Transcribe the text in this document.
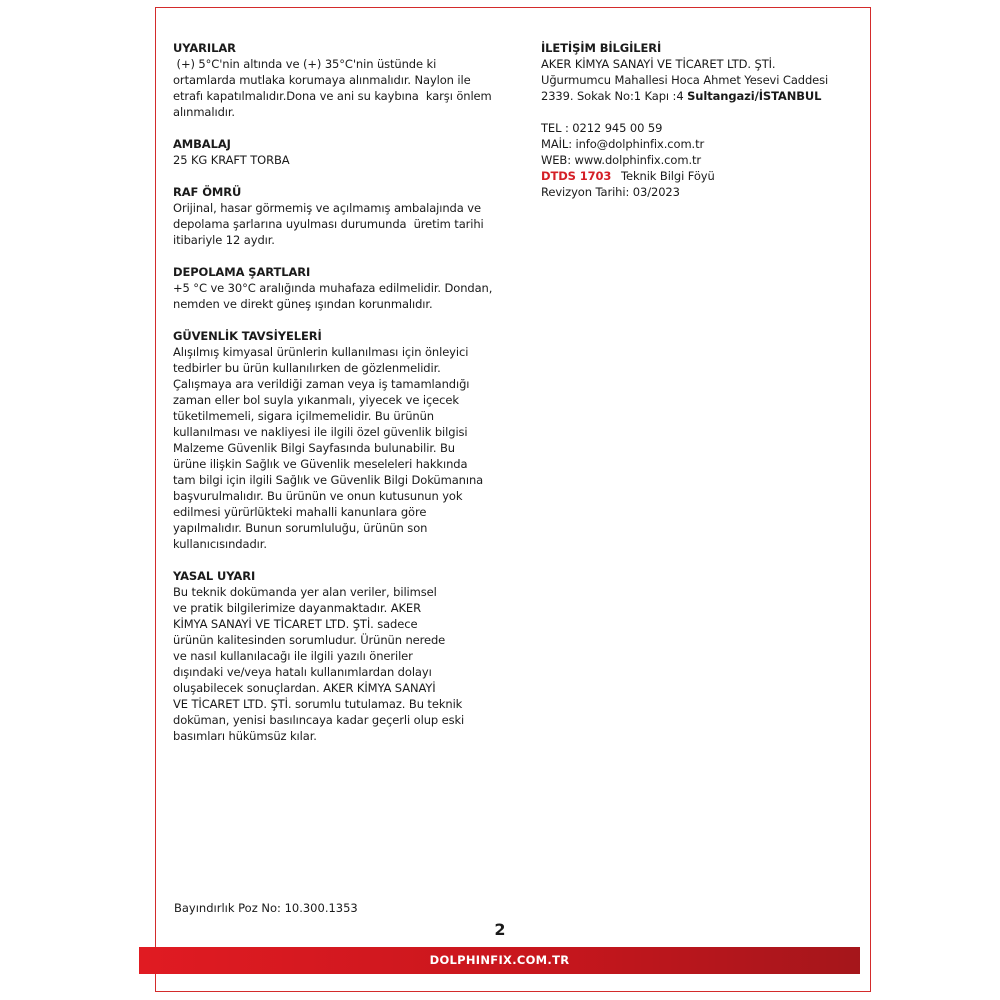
UYARILAR
(+) 5°C'nin altında ve (+) 35°C'nin üstünde ki
ortamlarda mutlaka korumaya alınmalıdır. Naylon ile
etrafı kapatılmalıdır.Dona ve ani su kaybına  karşı önlem
alınmalıdır.
AMBALAJ
25 KG KRAFT TORBA
RAF ÖMRÜ
Orijinal, hasar görmemiş ve açılmamış ambalajında ve
depolama şarlarına uyulması durumunda  üretim tarihi
itibariyle 12 aydır.
DEPOLAMA ŞARTLARI
+5 °C ve 30°C aralığında muhafaza edilmelidir. Dondan,
nemden ve direkt güneş ışından korunmalıdır.
GÜVENLİK TAVSİYELERİ
Alışılmış kimyasal ürünlerin kullanılması için önleyici
tedbirler bu ürün kullanılırken de gözlenmelidir.
Çalışmaya ara verildiği zaman veya iş tamamlandığı
zaman eller bol suyla yıkanmalı, yiyecek ve içecek
tüketilmemeli, sigara içilmemelidir. Bu ürünün
kullanılması ve nakliyesi ile ilgili özel güvenlik bilgisi
Malzeme Güvenlik Bilgi Sayfasında bulunabilir. Bu
ürüne ilişkin Sağlık ve Güvenlik meseleleri hakkında
tam bilgi için ilgili Sağlık ve Güvenlik Bilgi Dokümanına
başvurulmalıdır. Bu ürünün ve onun kutusunun yok
edilmesi yürürlükteki mahalli kanunlara göre
yapılmalıdır. Bunun sorumluluğu, ürünün son
kullanıcısındadır.
YASAL UYARI
Bu teknik dokümanda yer alan veriler, bilimsel
ve pratik bilgilerimize dayanmaktadır. AKER
KİMYA SANAYİ VE TİCARET LTD. ŞTİ. sadece
ürünün kalitesinden sorumludur. Ürünün nerede
ve nasıl kullanılacağı ile ilgili yazılı öneriler
dışındaki ve/veya hatalı kullanımlardan dolayı
oluşabilecek sonuçlardan. AKER KİMYA SANAYİ
VE TİCARET LTD. ŞTİ. sorumlu tutulamaz. Bu teknik
doküman, yenisi basılıncaya kadar geçerli olup eski
basımları hükümsüz kılar.
İLETİŞİM BİLGİLERİ
AKER KİMYA SANAYİ VE TİCARET LTD. ŞTİ.
Uğurmumcu Mahallesi Hoca Ahmet Yesevi Caddesi
2339. Sokak No:1 Kapı :4 Sultangazi/İSTANBUL
TEL : 0212 945 00 59
MAİL: info@dolphinfix.com.tr
WEB: www.dolphinfix.com.tr
DTDS 1703 Teknik Bilgi Föyü
Revizyon Tarihi: 03/2023
Bayındırlık Poz No: 10.300.1353
2
DOLPHINFIX.COM.TR
